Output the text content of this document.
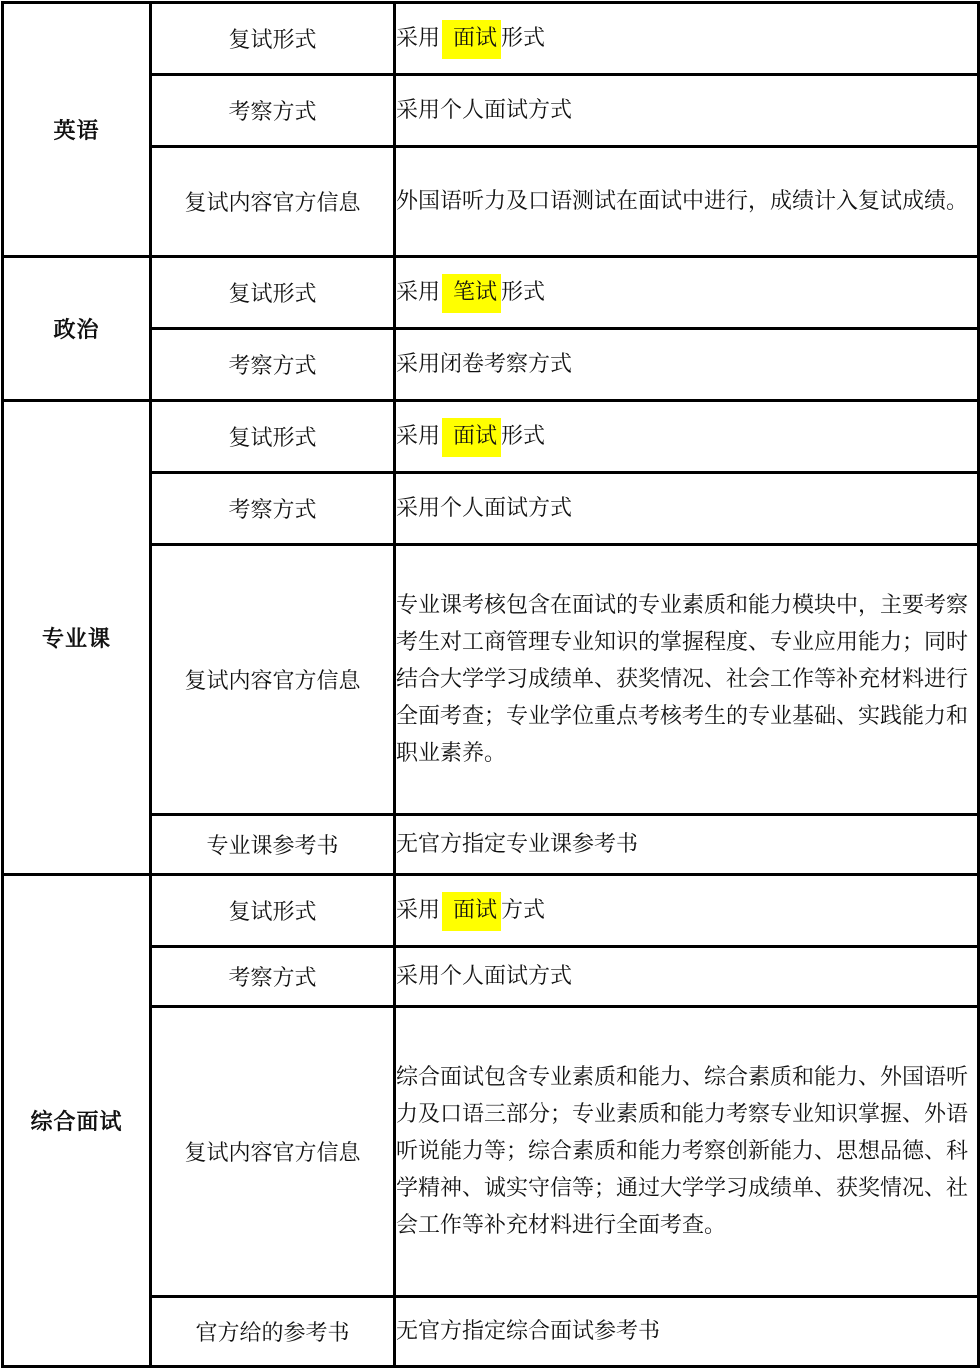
英语	复试形式	采用 面试 形式
	考察方式	采用个人面试方式
	复试内容官方信息	外国语听力及口语测试在面试中进行，成绩计入复试成绩。
政治	复试形式	采用 笔试 形式
	考察方式	采用闭卷考察方式
专业课	复试形式	采用 面试 形式
	考察方式	采用个人面试方式
	复试内容官方信息	专业课考核包含在面试的专业素质和能力模块中，主要考察考生对工商管理专业知识的掌握程度、专业应用能力；同时结合大学学习成绩单、获奖情况、社会工作等补充材料进行全面考查；专业学位重点考核考生的专业基础、实践能力和职业素养。
	专业课参考书	无官方指定专业课参考书
综合面试	复试形式	采用 面试 方式
	考察方式	采用个人面试方式
	复试内容官方信息	综合面试包含专业素质和能力、综合素质和能力、外国语听力及口语三部分；专业素质和能力考察专业知识掌握、外语听说能力等；综合素质和能力考察创新能力、思想品德、科学精神、诚实守信等；通过大学学习成绩单、获奖情况、社会工作等补充材料进行全面考查。
	官方给的参考书	无官方指定综合面试参考书
